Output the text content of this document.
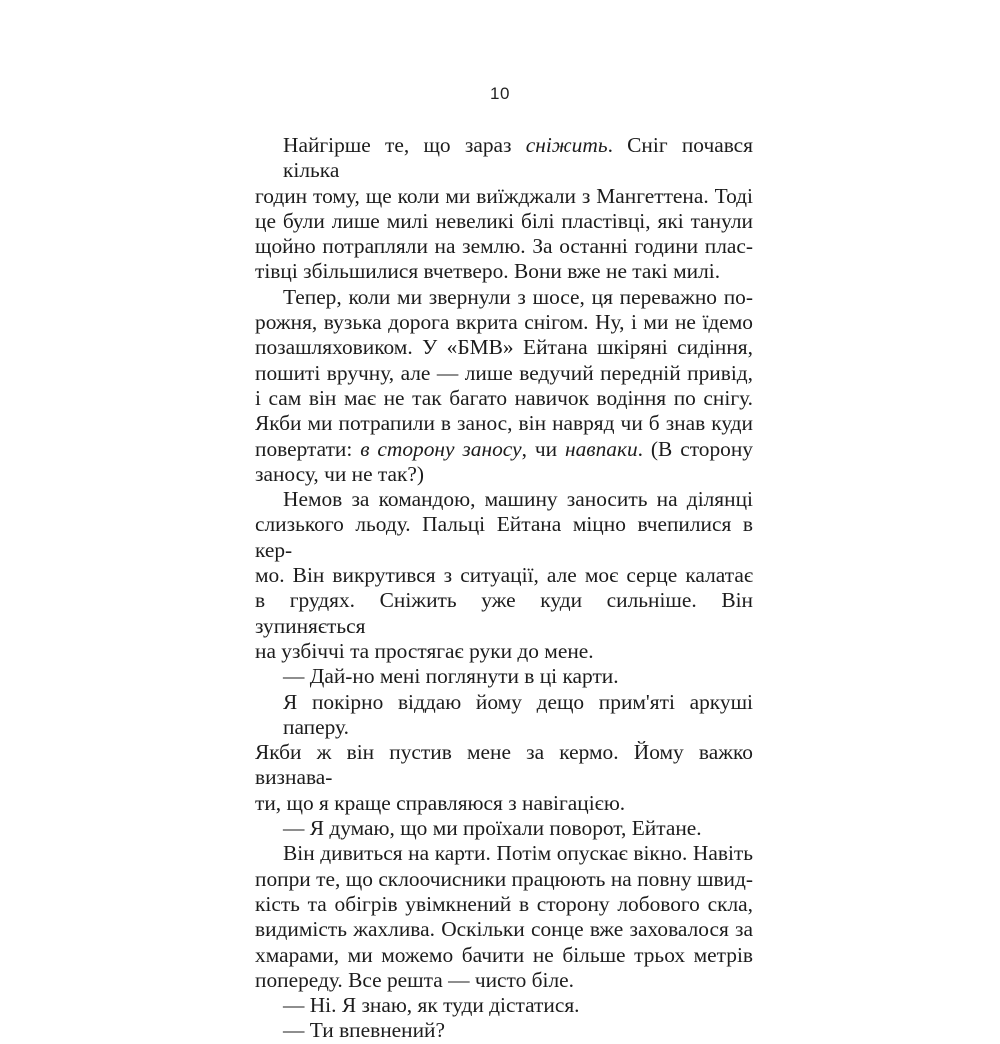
10

Найгірше те, що зараз сніжить. Сніг почався кілька
годин тому, ще коли ми виїжджали з Мангеттена. Тоді
це були лише милі невеликі білі пластівці, які танули
щойно потрапляли на землю. За останні години плас-
тівці збільшилися вчетверо. Вони вже не такі милі.

Тепер, коли ми звернули з шосе, ця переважно по-
рожня, вузька дорога вкрита снігом. Ну, і ми не їдемо
позашляховиком. У «БМВ» Ейтана шкіряні сидіння,
пошиті вручну, але — лише ведучий передній привід,
і сам він має не так багато навичок водіння по снігу.
Якби ми потрапили в занос, він навряд чи б знав куди
повертати: в сторону заносу, чи навпаки. (В сторону
заносу, чи не так?)

Немов за командою, машину заносить на ділянці
слизького льоду. Пальці Ейтана міцно вчепилися в кер-
мо. Він викрутився з ситуації, але моє серце калатає
в грудях. Сніжить уже куди сильніше. Він зупиняється
на узбіччі та простягає руки до мене.

— Дай-но мені поглянути в ці карти.

Я покірно віддаю йому дещо прим'яті аркуші паперу.
Якби ж він пустив мене за кермо. Йому важко визнава-
ти, що я краще справляюся з навігацією.

— Я думаю, що ми проїхали поворот, Ейтане.

Він дивиться на карти. Потім опускає вікно. Навіть
попри те, що склоочисники працюють на повну швид-
кість та обігрів увімкнений в сторону лобового скла,
видимість жахлива. Оскільки сонце вже заховалося за
хмарами, ми можемо бачити не більше трьох метрів
попереду. Все решта — чисто біле.

— Ні. Я знаю, як туди дістатися.

— Ти впевнений?
